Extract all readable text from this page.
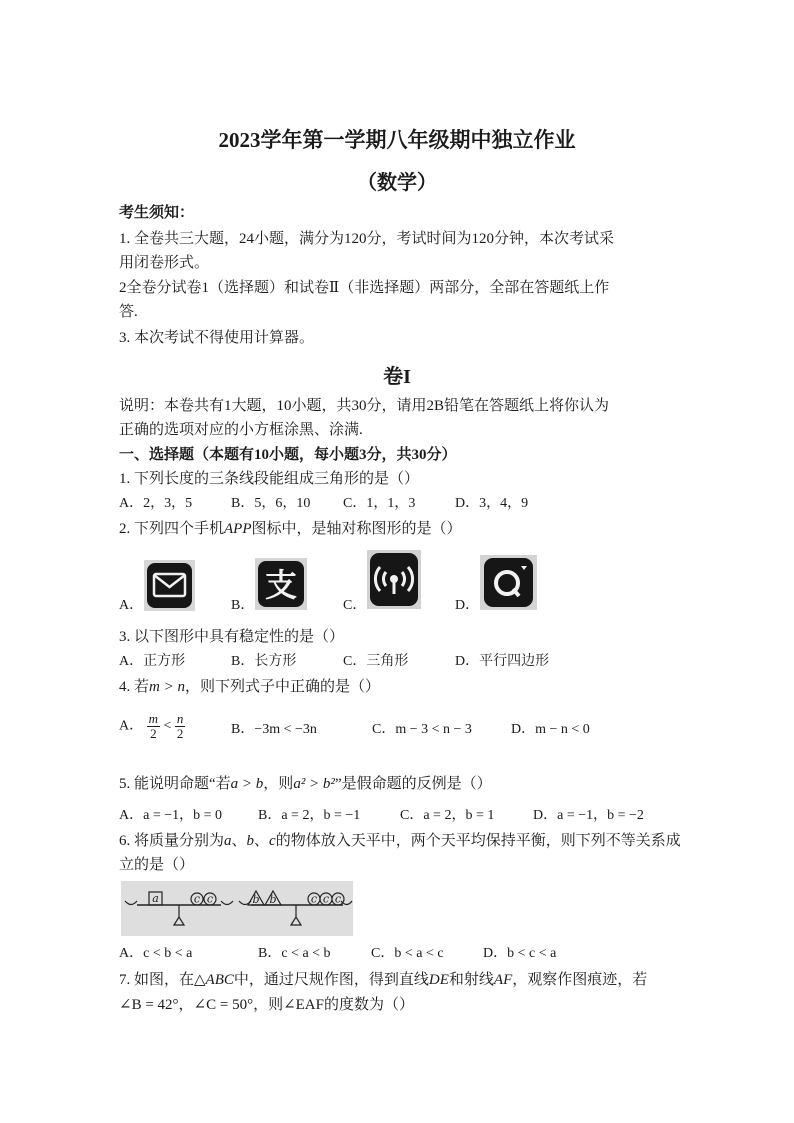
2023学年第一学期八年级期中独立作业
（数学）
考生须知：
1. 全卷共三大题，24小题，满分为120分，考试时间为120分钟，本次考试采
用闭卷形式。
2全卷分试卷1（选择题）和试卷Ⅱ（非选择题）两部分，全部在答题纸上作
答.
3. 本次考试不得使用计算器。
卷I
说明：本卷共有1大题，10小题，共30分，请用2B铅笔在答题纸上将你认为
正确的选项对应的小方框涂黑、涂满.
一、选择题（本题有10小题，每小题3分，共30分）
1. 下列长度的三条线段能组成三角形的是（）
A．2，3，5	B．5，6，10 C．1，1，3	D．3，4，9
2. 下列四个手机APP图标中，是轴对称图形的是（）
A．	B．
支
C．	D．
3. 以下图形中具有稳定性的是（）
A．正方形	B．长方形	C．三角形	D．平行四边形
4. 若m > n，则下列式子中正确的是（）
A． $\frac{m}{2} < \frac{n}{2}$	B．−3m < −3n	C．m − 3 < n − 3	D．m − n < 0
5. 能说明命题“若a > b，则a² > b²”是假命题的反例是（）
A．a = −1，b = 0	B．a = 2，b = −1	C．a = 2，b = 1	D．a = −1，b = −2
6. 将质量分别为a、b、c的物体放入天平中，两个天平均保持平衡，则下列不等关系成
立的是（）
a	c c	b b	c c c
A．c < b < a	B．c < a < b	C．b < a < c	D．b < c < a
7. 如图，在△ABC中，通过尺规作图，得到直线DE和射线AF，观察作图痕迹，若
∠B = 42°，∠C = 50°，则∠EAF的度数为（）
